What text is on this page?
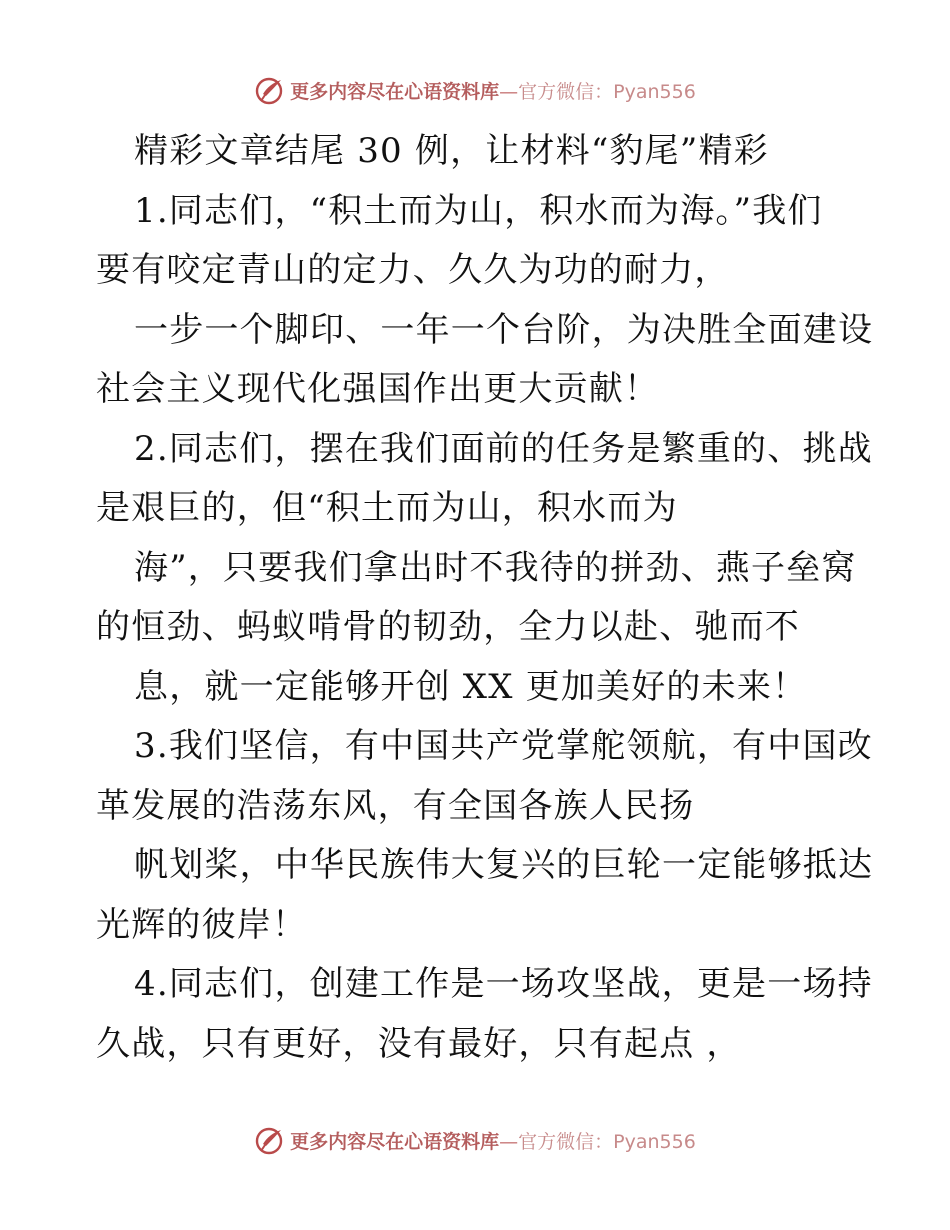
更多内容尽在心语资料库—官方微信：Pyan556
精彩文章结尾 30 例，让材料“豹尾”精彩
1.同志们，“积土而为山，积水而为海。”我们
要有咬定青山的定力、久久为功的耐力，
一步一个脚印、一年一个台阶，为决胜全面建设
社会主义现代化强国作出更大贡献！
2.同志们，摆在我们面前的任务是繁重的、挑战
是艰巨的，但“积土而为山，积水而为
海”，只要我们拿出时不我待的拼劲、燕子垒窝
的恒劲、蚂蚁啃骨的韧劲，全力以赴、驰而不
息，就一定能够开创 XX 更加美好的未来！
3.我们坚信，有中国共产党掌舵领航，有中国改
革发展的浩荡东风，有全国各族人民扬
帆划桨，中华民族伟大复兴的巨轮一定能够抵达
光辉的彼岸！
4.同志们，创建工作是一场攻坚战，更是一场持
久战，只有更好，没有最好，只有起点 ，
更多内容尽在心语资料库—官方微信：Pyan556
